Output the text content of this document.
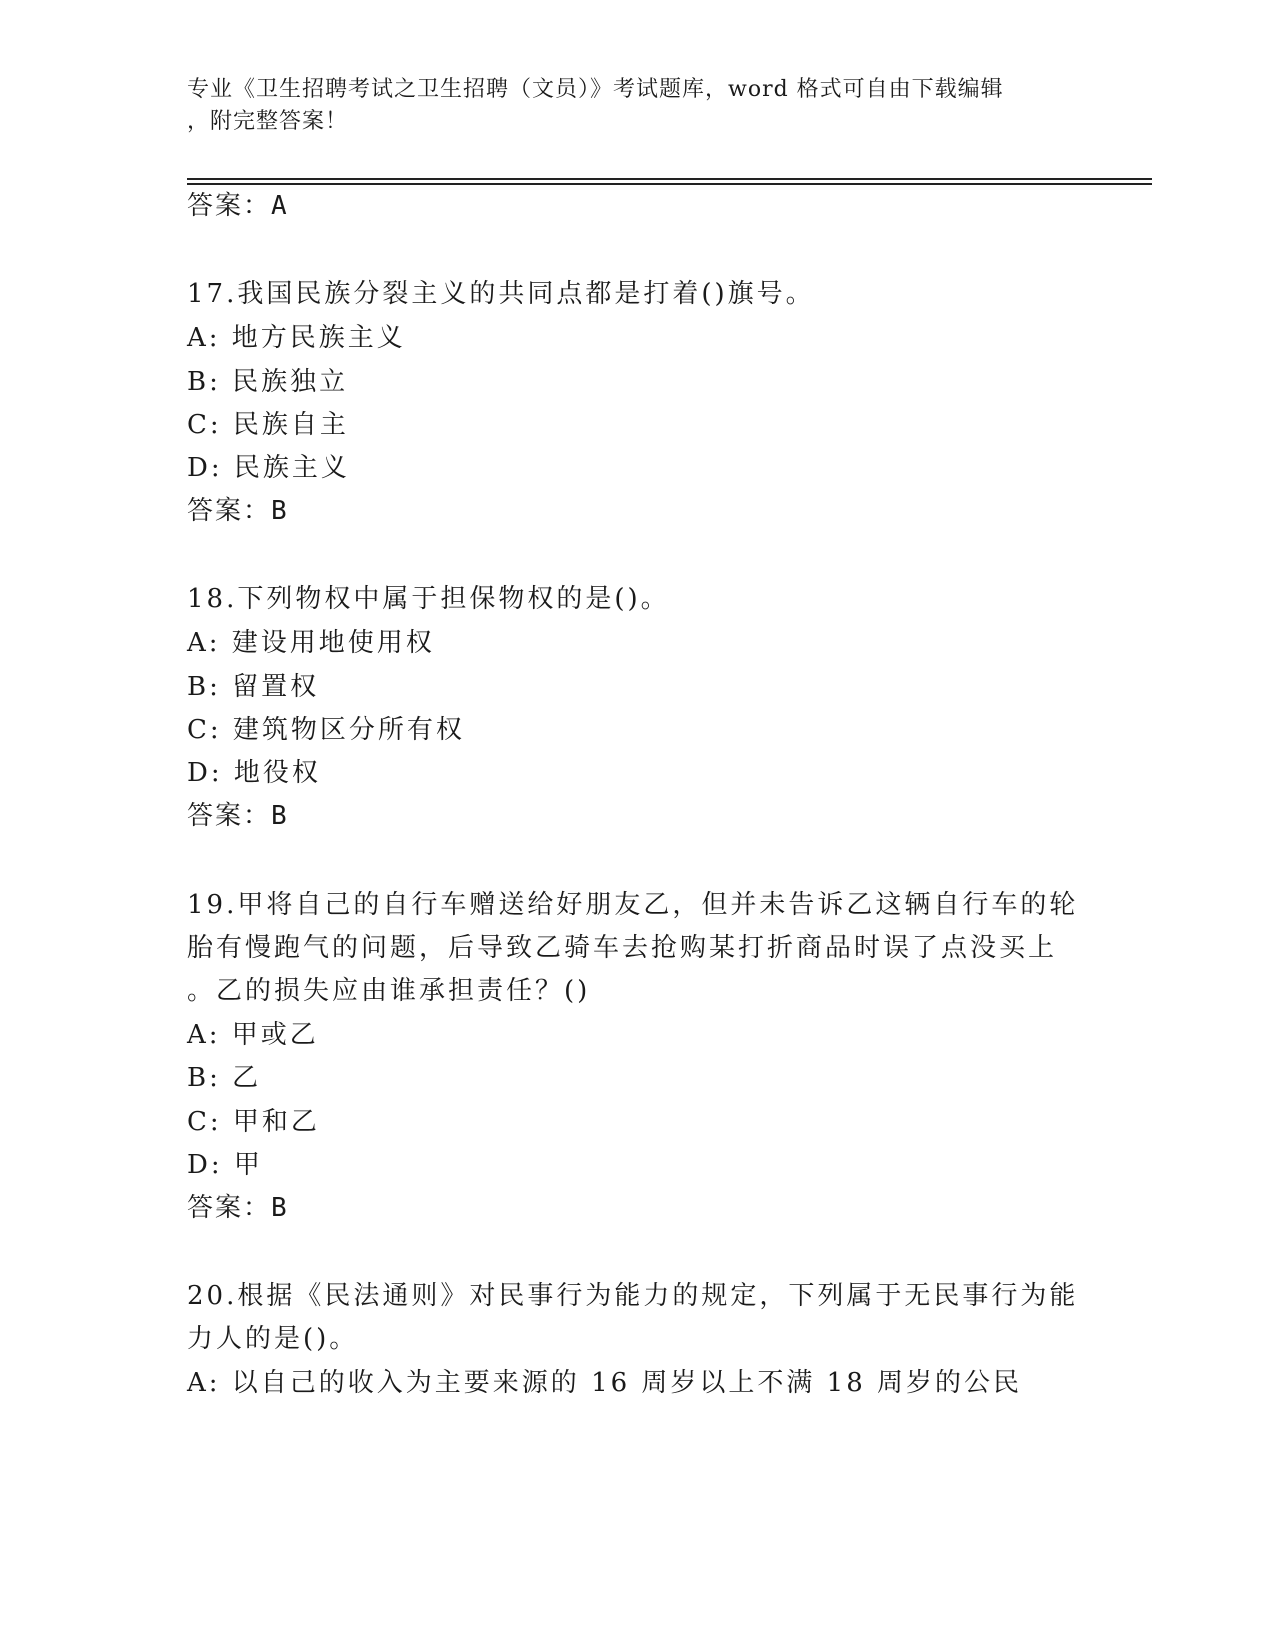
专业《卫生招聘考试之卫生招聘（文员）》考试题库，word 格式可自由下载编辑
，附完整答案！
答案：A
17.我国民族分裂主义的共同点都是打着()旗号。
A: 地方民族主义
B: 民族独立
C: 民族自主
D: 民族主义
答案：B
18.下列物权中属于担保物权的是()。
A: 建设用地使用权
B: 留置权
C: 建筑物区分所有权
D: 地役权
答案：B
19.甲将自己的自行车赠送给好朋友乙，但并未告诉乙这辆自行车的轮
胎有慢跑气的问题，后导致乙骑车去抢购某打折商品时误了点没买上
。乙的损失应由谁承担责任？()
A: 甲或乙
B: 乙
C: 甲和乙
D: 甲
答案：B
20.根据《民法通则》对民事行为能力的规定，下列属于无民事行为能
力人的是()。
A: 以自己的收入为主要来源的 16 周岁以上不满 18 周岁的公民
